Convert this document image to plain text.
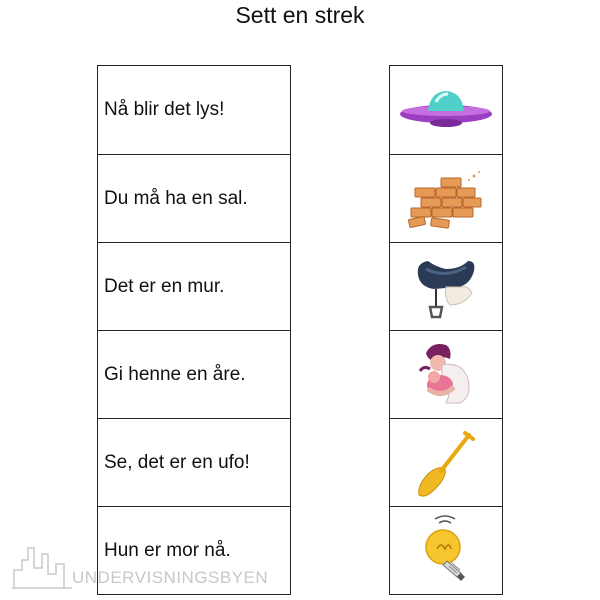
Sett en strek
Nå blir det lys!
Du må ha en sal.
Det er en mur.
Gi henne en åre.
Se, det er en ufo!
Hun er mor nå.
UNDERVISNINGSBYEN
